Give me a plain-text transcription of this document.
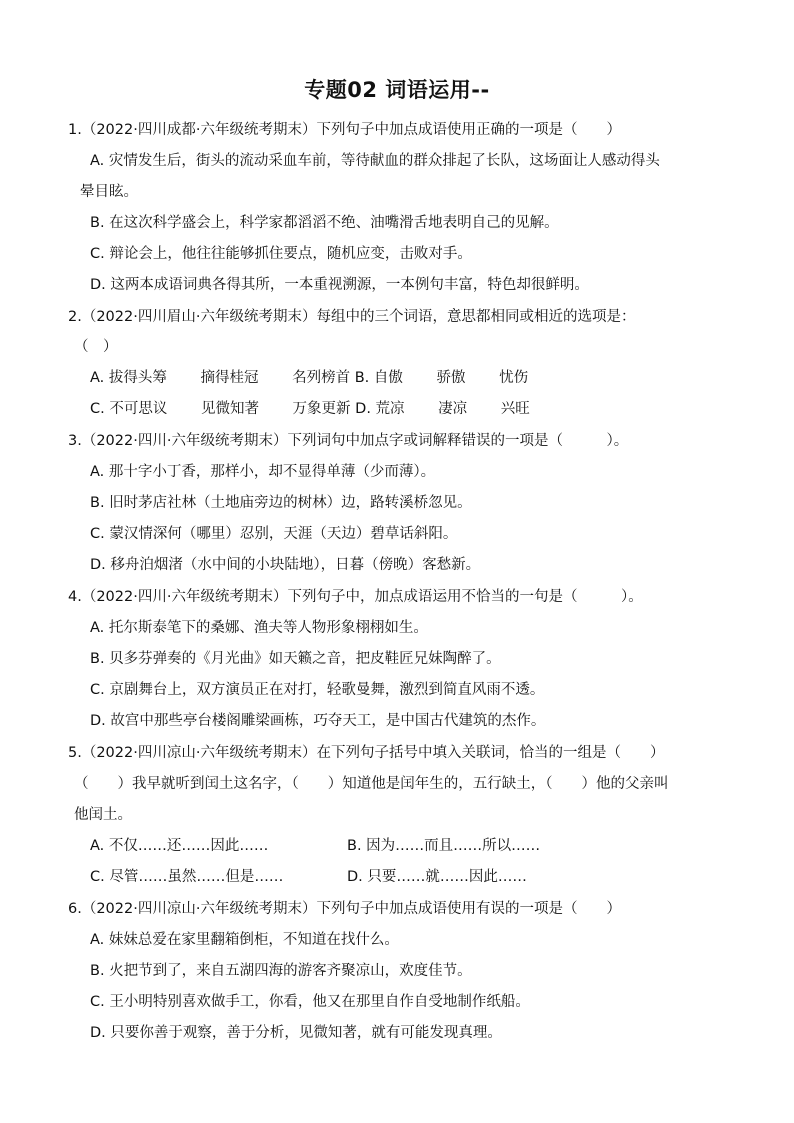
专题02 词语运用--
1.（2022·四川成都·六年级统考期末）下列句子中加点成语使用正确的一项是（　　）
A. 灾情发生后，街头的流动采血车前，等待献血的群众排起了长队，这场面让人感动得头
晕目眩。
B. 在这次科学盛会上，科学家都滔滔不绝、油嘴滑舌地表明自己的见解。
C. 辩论会上，他往往能够抓住要点，随机应变，击败对手。
D. 这两本成语词典各得其所，一本重视溯源，一本例句丰富，特色却很鲜明。
2.（2022·四川眉山·六年级统考期末）每组中的三个词语，意思都相同或相近的选项是：
（　）
A. 拔得头筹　　 摘得桂冠　　 名列榜首 B. 自傲　　 骄傲　　 忧伤
C. 不可思议　　 见微知著　　 万象更新 D. 荒凉　　 凄凉　　 兴旺
3.（2022·四川·六年级统考期末）下列词句中加点字或词解释错误的一项是（　　　）。
A. 那十字小丁香，那样小，却不显得单薄（少而薄）。
B. 旧时茅店社林（土地庙旁边的树林）边，路转溪桥忽见。
C. 蒙汉情深何（哪里）忍别，天涯（天边）碧草话斜阳。
D. 移舟泊烟渚（水中间的小块陆地），日暮（傍晚）客愁新。
4.（2022·四川·六年级统考期末）下列句子中，加点成语运用不恰当的一句是（　　　）。
A. 托尔斯泰笔下的桑娜、渔夫等人物形象栩栩如生。
B. 贝多芬弹奏的《月光曲》如天籁之音，把皮鞋匠兄妹陶醉了。
C. 京剧舞台上，双方演员正在对打，轻歌曼舞，激烈到简直风雨不透。
D. 故宫中那些亭台楼阁雕梁画栋，巧夺天工，是中国古代建筑的杰作。
5.（2022·四川凉山·六年级统考期末）在下列句子括号中填入关联词，恰当的一组是（　　）
（　　）我早就听到闰土这名字，（　　）知道他是闰年生的，五行缺土，（　　）他的父亲叫
他闰土。
A. 不仅……还……因此……	B. 因为……而且……所以……
C. 尽管……虽然……但是……	D. 只要……就……因此……
6.（2022·四川凉山·六年级统考期末）下列句子中加点成语使用有误的一项是（　　）
A. 妹妹总爱在家里翻箱倒柜，不知道在找什么。
B. 火把节到了，来自五湖四海的游客齐聚凉山，欢度佳节。
C. 王小明特别喜欢做手工，你看，他又在那里自作自受地制作纸船。
D. 只要你善于观察，善于分析，见微知著，就有可能发现真理。
